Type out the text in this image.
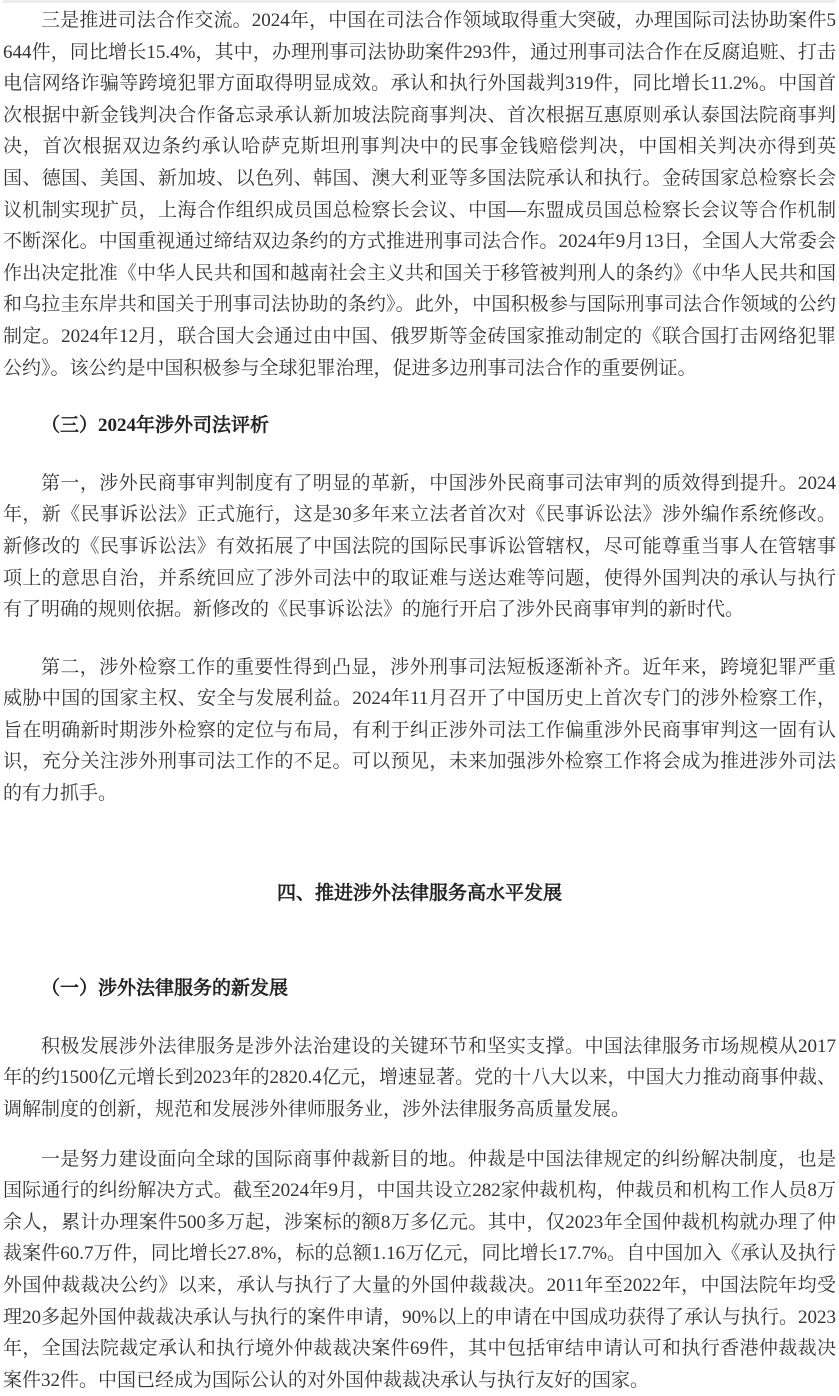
三是推进司法合作交流。2024年，中国在司法合作领域取得重大突破，办理国际司法协助案件5644件，同比增长15.4%，其中，办理刑事司法协助案件293件，通过刑事司法合作在反腐追赃、打击电信网络诈骗等跨境犯罪方面取得明显成效。承认和执行外国裁判319件，同比增长11.2%。中国首次根据中新金钱判决合作备忘录承认新加坡法院商事判决、首次根据互惠原则承认泰国法院商事判决，首次根据双边条约承认哈萨克斯坦刑事判决中的民事金钱赔偿判决，中国相关判决亦得到英国、德国、美国、新加坡、以色列、韩国、澳大利亚等多国法院承认和执行。金砖国家总检察长会议机制实现扩员，上海合作组织成员国总检察长会议、中国—东盟成员国总检察长会议等合作机制不断深化。中国重视通过缔结双边条约的方式推进刑事司法合作。2024年9月13日，全国人大常委会作出决定批准《中华人民共和国和越南社会主义共和国关于移管被判刑人的条约》《中华人民共和国和乌拉圭东岸共和国关于刑事司法协助的条约》。此外，中国积极参与国际刑事司法合作领域的公约制定。2024年12月，联合国大会通过由中国、俄罗斯等金砖国家推动制定的《联合国打击网络犯罪公约》。该公约是中国积极参与全球犯罪治理，促进多边刑事司法合作的重要例证。

（三）2024年涉外司法评析

第一，涉外民商事审判制度有了明显的革新，中国涉外民商事司法审判的质效得到提升。2024年，新《民事诉讼法》正式施行，这是30多年来立法者首次对《民事诉讼法》涉外编作系统修改。新修改的《民事诉讼法》有效拓展了中国法院的国际民事诉讼管辖权，尽可能尊重当事人在管辖事项上的意思自治，并系统回应了涉外司法中的取证难与送达难等问题，使得外国判决的承认与执行有了明确的规则依据。新修改的《民事诉讼法》的施行开启了涉外民商事审判的新时代。

第二，涉外检察工作的重要性得到凸显，涉外刑事司法短板逐渐补齐。近年来，跨境犯罪严重威胁中国的国家主权、安全与发展利益。2024年11月召开了中国历史上首次专门的涉外检察工作，旨在明确新时期涉外检察的定位与布局，有利于纠正涉外司法工作偏重涉外民商事审判这一固有认识，充分关注涉外刑事司法工作的不足。可以预见，未来加强涉外检察工作将会成为推进涉外司法的有力抓手。

四、推进涉外法律服务高水平发展

（一）涉外法律服务的新发展

积极发展涉外法律服务是涉外法治建设的关键环节和坚实支撑。中国法律服务市场规模从2017年的约1500亿元增长到2023年的2820.4亿元，增速显著。党的十八大以来，中国大力推动商事仲裁、调解制度的创新，规范和发展涉外律师服务业，涉外法律服务高质量发展。

一是努力建设面向全球的国际商事仲裁新目的地。仲裁是中国法律规定的纠纷解决制度，也是国际通行的纠纷解决方式。截至2024年9月，中国共设立282家仲裁机构，仲裁员和机构工作人员8万余人，累计办理案件500多万起，涉案标的额8万多亿元。其中，仅2023年全国仲裁机构就办理了仲裁案件60.7万件，同比增长27.8%，标的总额1.16万亿元，同比增长17.7%。自中国加入《承认及执行外国仲裁裁决公约》以来，承认与执行了大量的外国仲裁裁决。2011年至2022年，中国法院年均受理20多起外国仲裁裁决承认与执行的案件申请，90%以上的申请在中国成功获得了承认与执行。2023年，全国法院裁定承认和执行境外仲裁裁决案件69件，其中包括审结申请认可和执行香港仲裁裁决案件32件。中国已经成为国际公认的对外国仲裁裁决承认与执行友好的国家。
